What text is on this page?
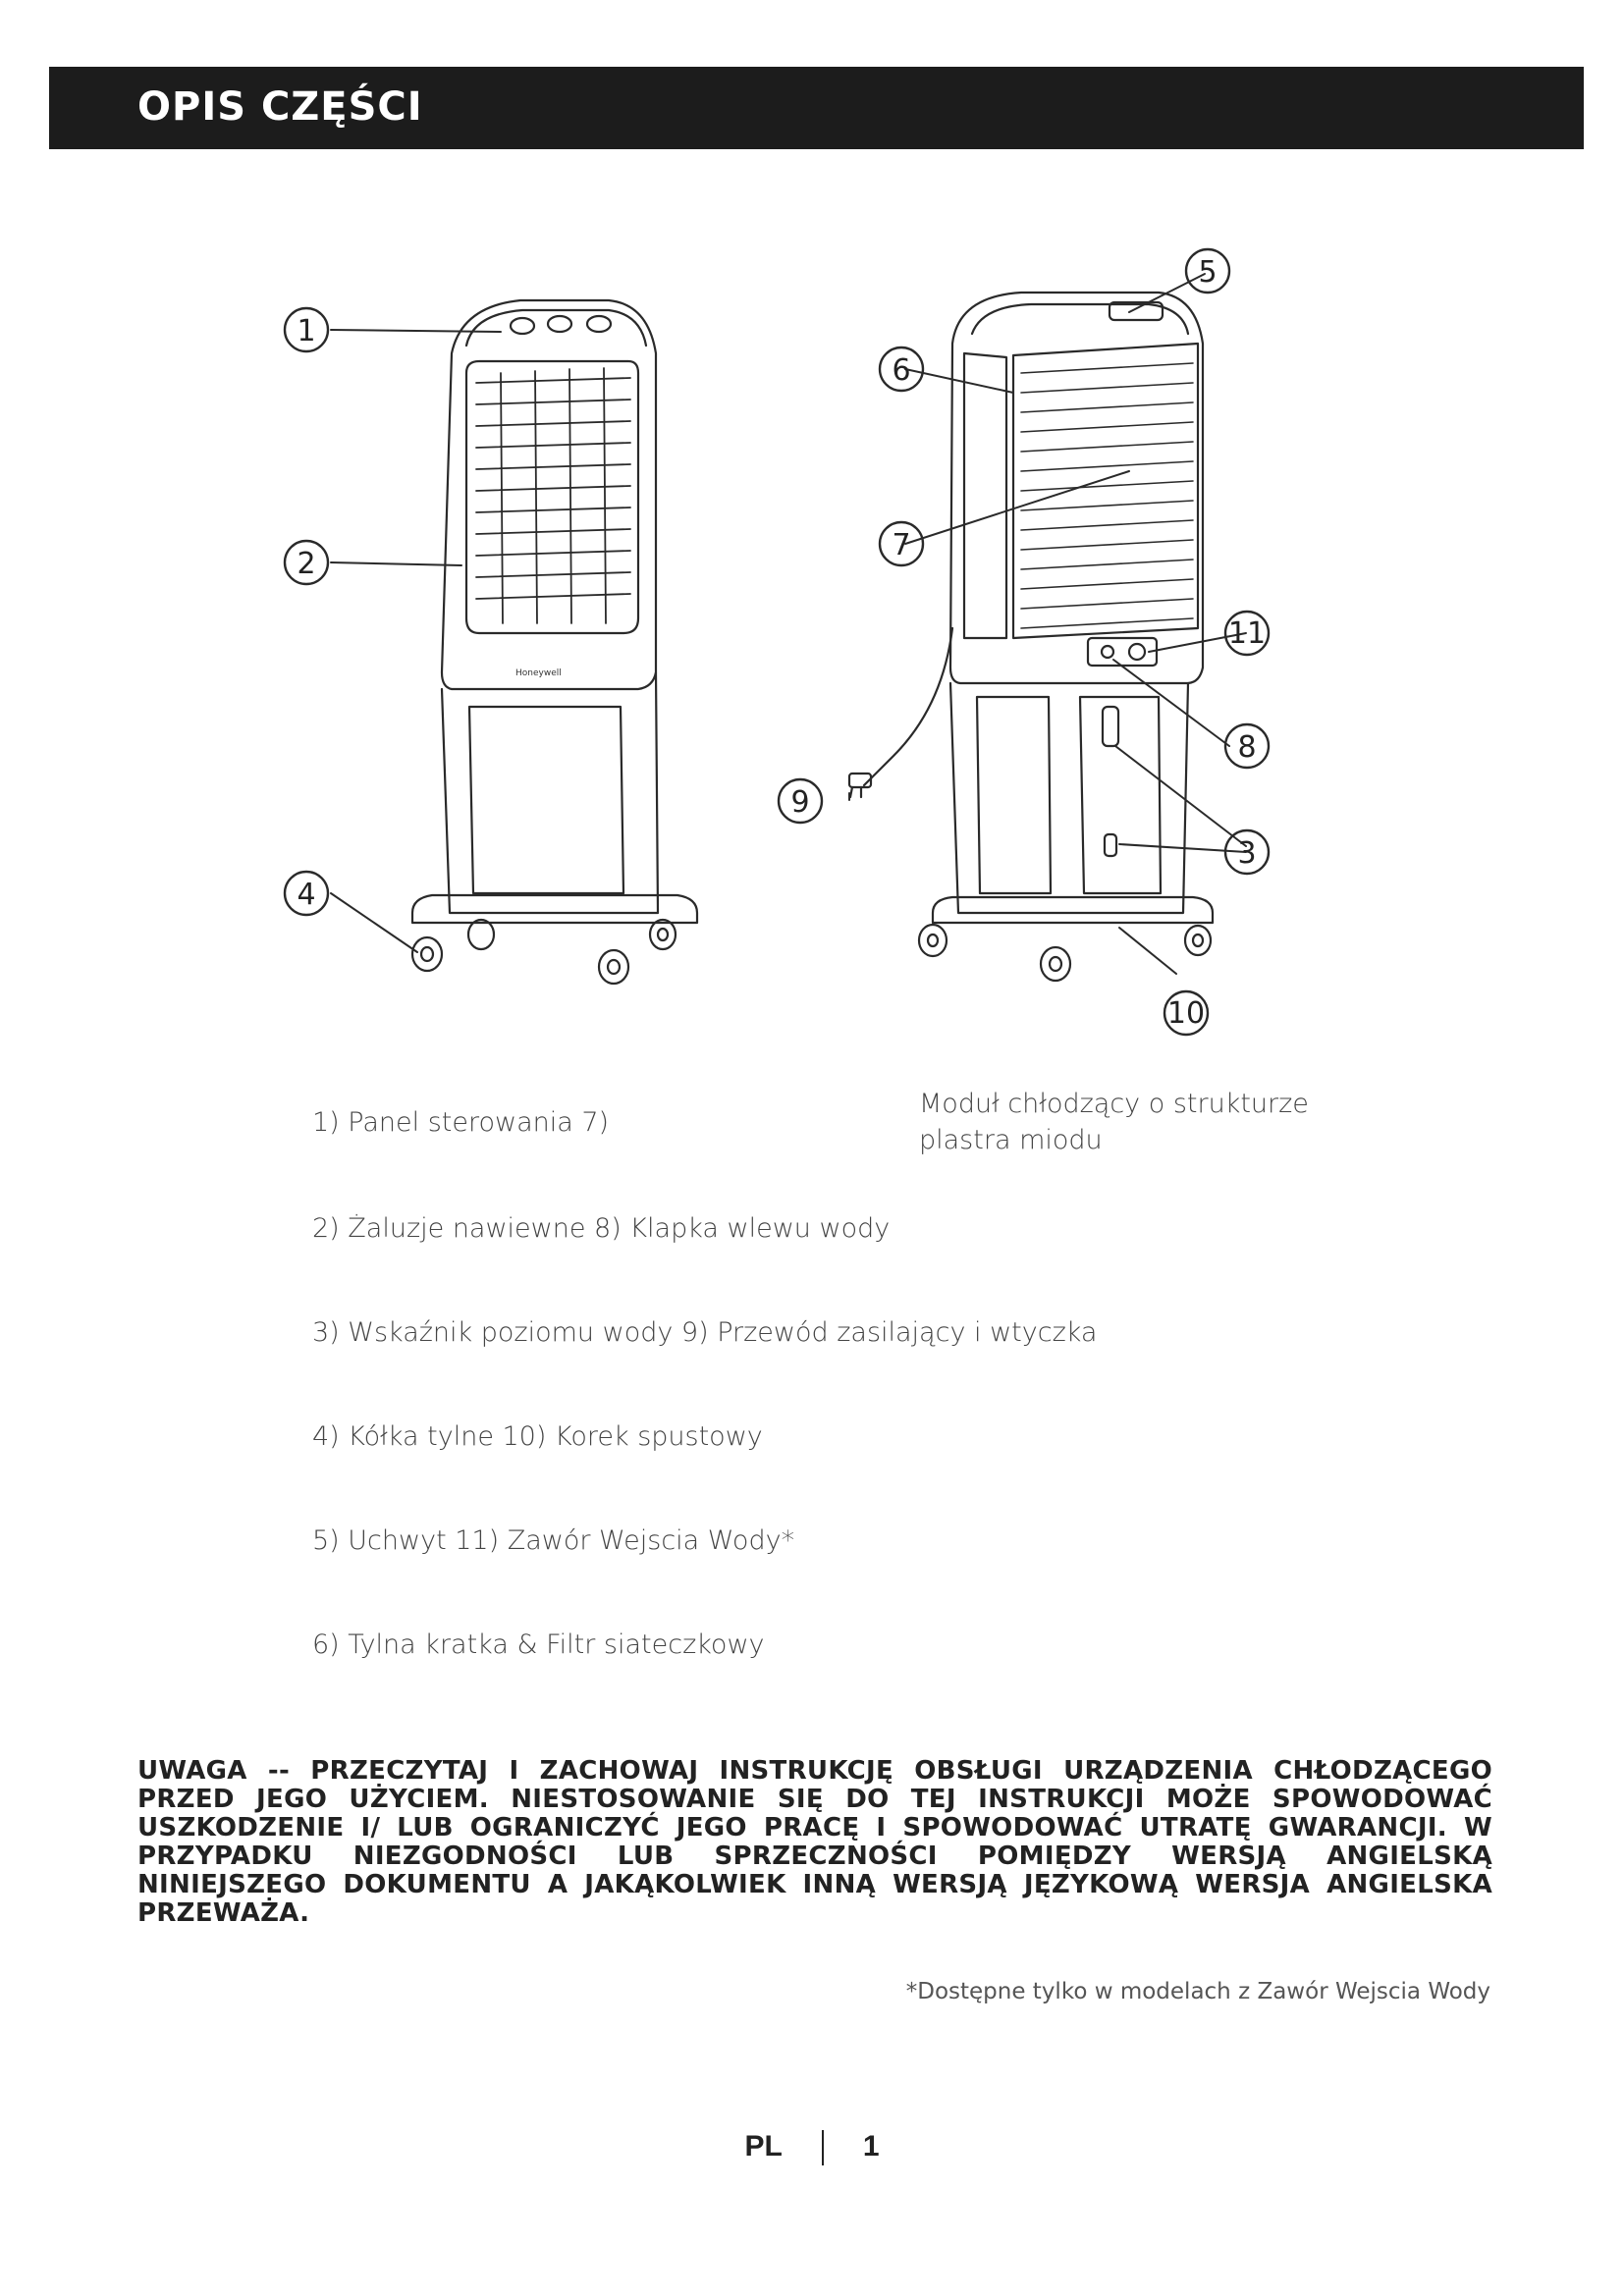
OPIS CZĘŚCI
Honeywell
1
2
3
4
5
6
7
8
9
10
11
1) Panel sterowania 7)
Moduł chłodzący o strukturze plastra miodu
2) Żaluzje nawiewne 8) Klapka wlewu wody
3) Wskaźnik poziomu wody 9) Przewód zasilający i wtyczka
4) Kółka tylne 10) Korek spustowy
5) Uchwyt 11) Zawór Wejscia Wody*
6) Tylna kratka & Filtr siateczkowy
UWAGA -- PRZECZYTAJ I ZACHOWAJ INSTRUKCJĘ OBSŁUGI URZĄDZENIA CHŁODZĄCEGO PRZED JEGO UŻYCIEM. NIESTOSOWANIE SIĘ DO TEJ INSTRUKCJI MOŻE SPOWODOWAĆ USZKODZENIE I/ LUB OGRANICZYĆ JEGO PRACĘ I SPOWODOWAĆ UTRATĘ GWARANCJI. W PRZYPADKU NIEZGODNOŚCI LUB SPRZECZNOŚCI POMIĘDZY WERSJĄ ANGIELSKĄ NINIEJSZEGO DOKUMENTU A JAKĄKOLWIEK INNĄ WERSJĄ JĘZYKOWĄ WERSJA ANGIELSKA PRZEWAŻA.
*Dostępne tylko w modelach z Zawór Wejscia Wody
PL	1
